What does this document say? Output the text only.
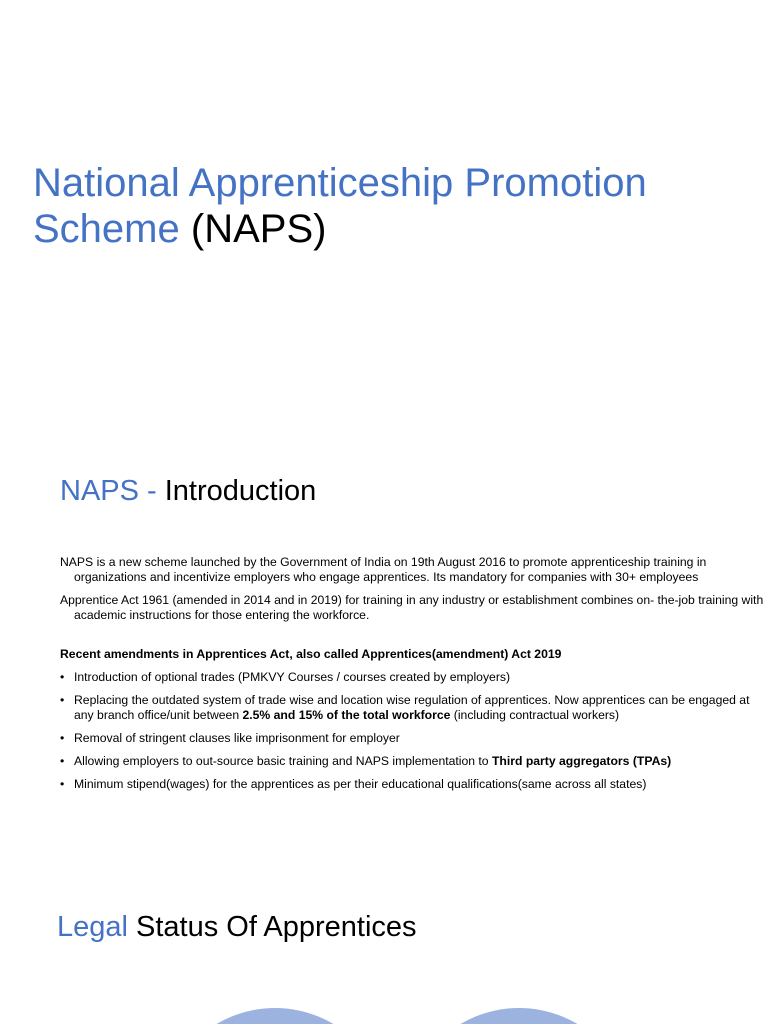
National Apprenticeship Promotion Scheme (NAPS)
NAPS - Introduction

NAPS is a new scheme launched by the Government of India on 19th August 2016 to promote apprenticeship training in organizations and incentivize employers who engage apprentices. Its mandatory for companies with 30+ employees

Apprentice Act 1961 (amended in 2014 and in 2019) for training in any industry or establishment combines on- the-job training with academic instructions for those entering the workforce.

Recent amendments in Apprentices Act, also called Apprentices(amendment) Act 2019

• Introduction of optional trades (PMKVY Courses / courses created by employers)
• Replacing the outdated system of trade wise and location wise regulation of apprentices. Now apprentices can be engaged at any branch office/unit between 2.5% and 15% of the total workforce (including contractual workers)
• Removal of stringent clauses like imprisonment for employer
• Allowing employers to out-source basic training and NAPS implementation to Third party aggregators (TPAs)
• Minimum stipend(wages) for the apprentices as per their educational qualifications(same across all states)
Legal Status Of Apprentices
